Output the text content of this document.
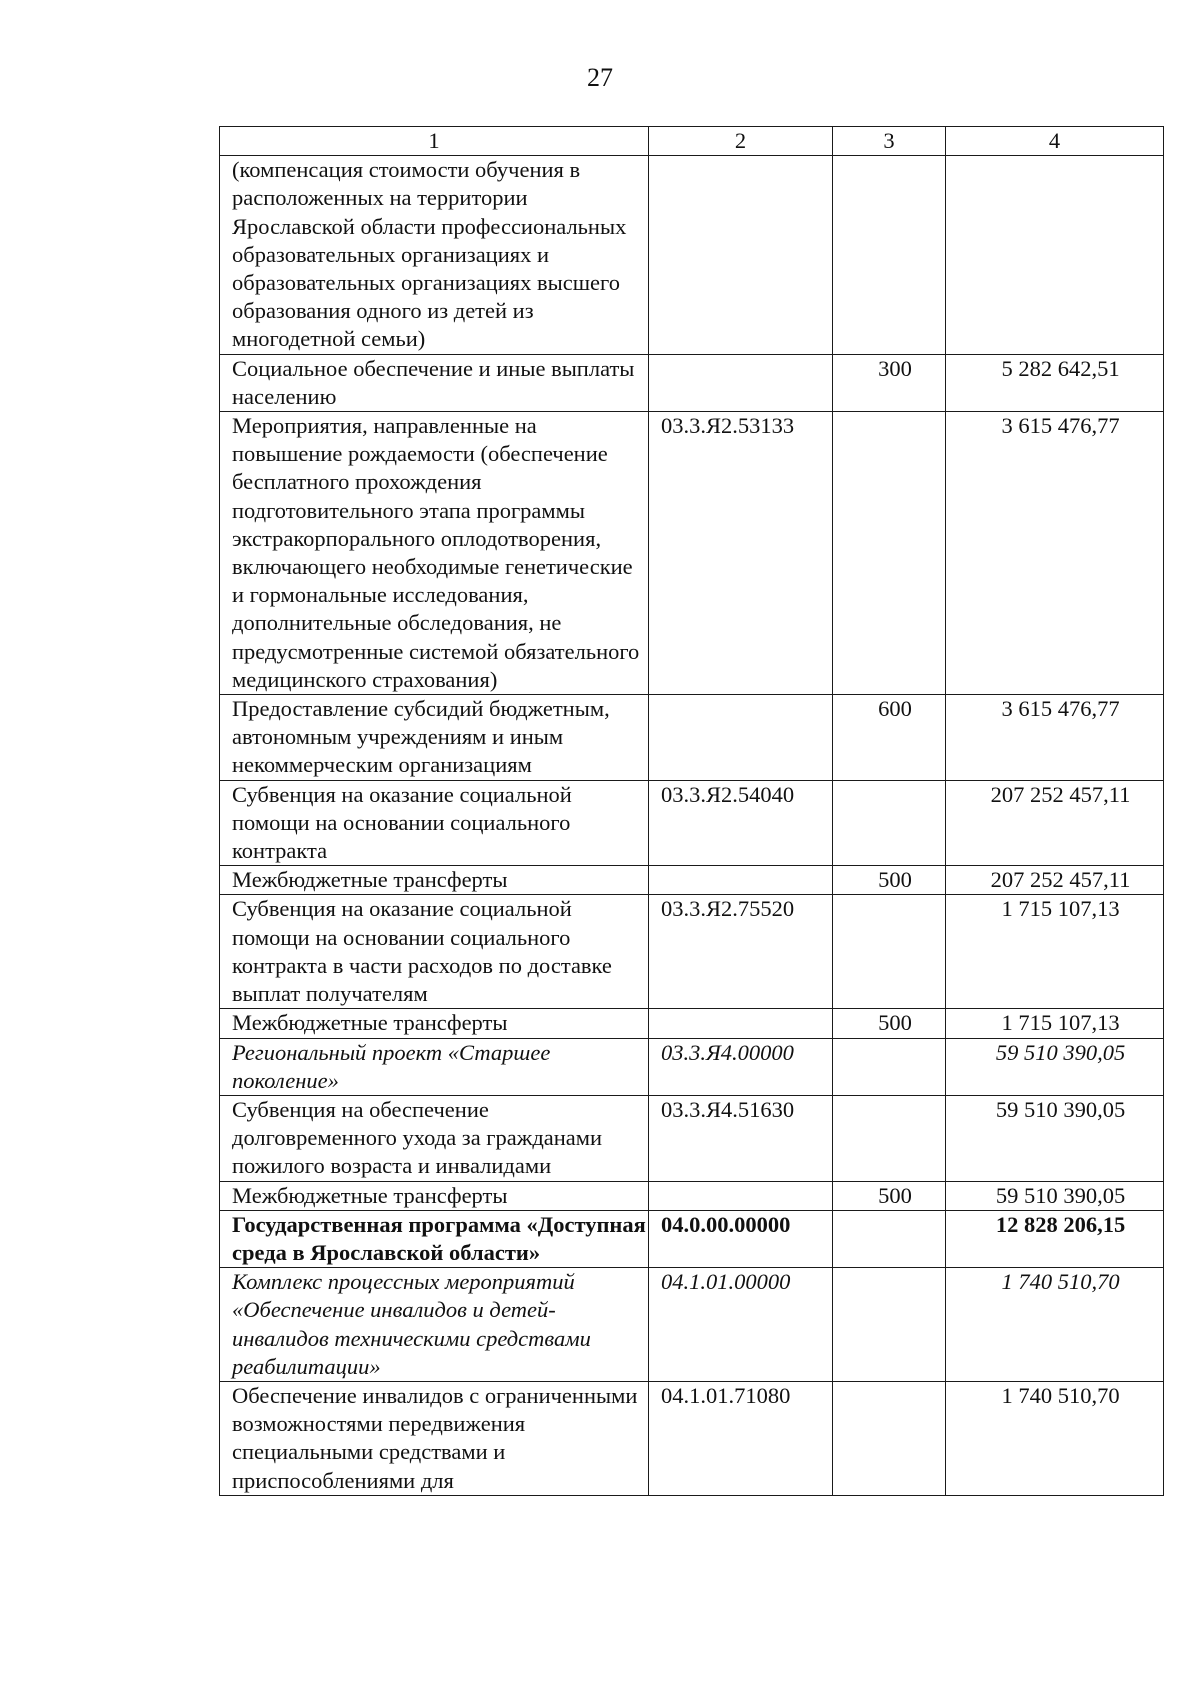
27
1	2	3	4
(компенсация стоимости обучения в расположенных на территории Ярославской области профессиональных образовательных организациях и образовательных организациях высшего образования одного из детей из многодетной семьи)			
Социальное обеспечение и иные выплаты населению		300	5 282 642,51
Мероприятия, направленные на повышение рождаемости (обеспечение бесплатного прохождения подготовительного этапа программы экстракорпорального оплодотворения, включающего необходимые генетические и гормональные исследования, дополнительные обследования, не предусмотренные системой обязательного медицинского страхования)	03.3.Я2.53133		3 615 476,77
Предоставление субсидий бюджетным, автономным учреждениям и иным некоммерческим организациям		600	3 615 476,77
Субвенция на оказание социальной помощи на основании социального контракта	03.3.Я2.54040		207 252 457,11
Межбюджетные трансферты		500	207 252 457,11
Субвенция на оказание социальной помощи на основании социального контракта в части расходов по доставке выплат получателям	03.3.Я2.75520		1 715 107,13
Межбюджетные трансферты		500	1 715 107,13
Региональный проект «Старшее поколение»	03.3.Я4.00000		59 510 390,05
Субвенция на обеспечение долговременного ухода за гражданами пожилого возраста и инвалидами	03.3.Я4.51630		59 510 390,05
Межбюджетные трансферты		500	59 510 390,05
Государственная программа «Доступная среда в Ярославской области»	04.0.00.00000		12 828 206,15
Комплекс процессных мероприятий «Обеспечение инвалидов и детей-инвалидов техническими средствами реабилитации»	04.1.01.00000		1 740 510,70
Обеспечение инвалидов с ограниченными возможностями передвижения специальными средствами и приспособлениями для	04.1.01.71080		1 740 510,70
